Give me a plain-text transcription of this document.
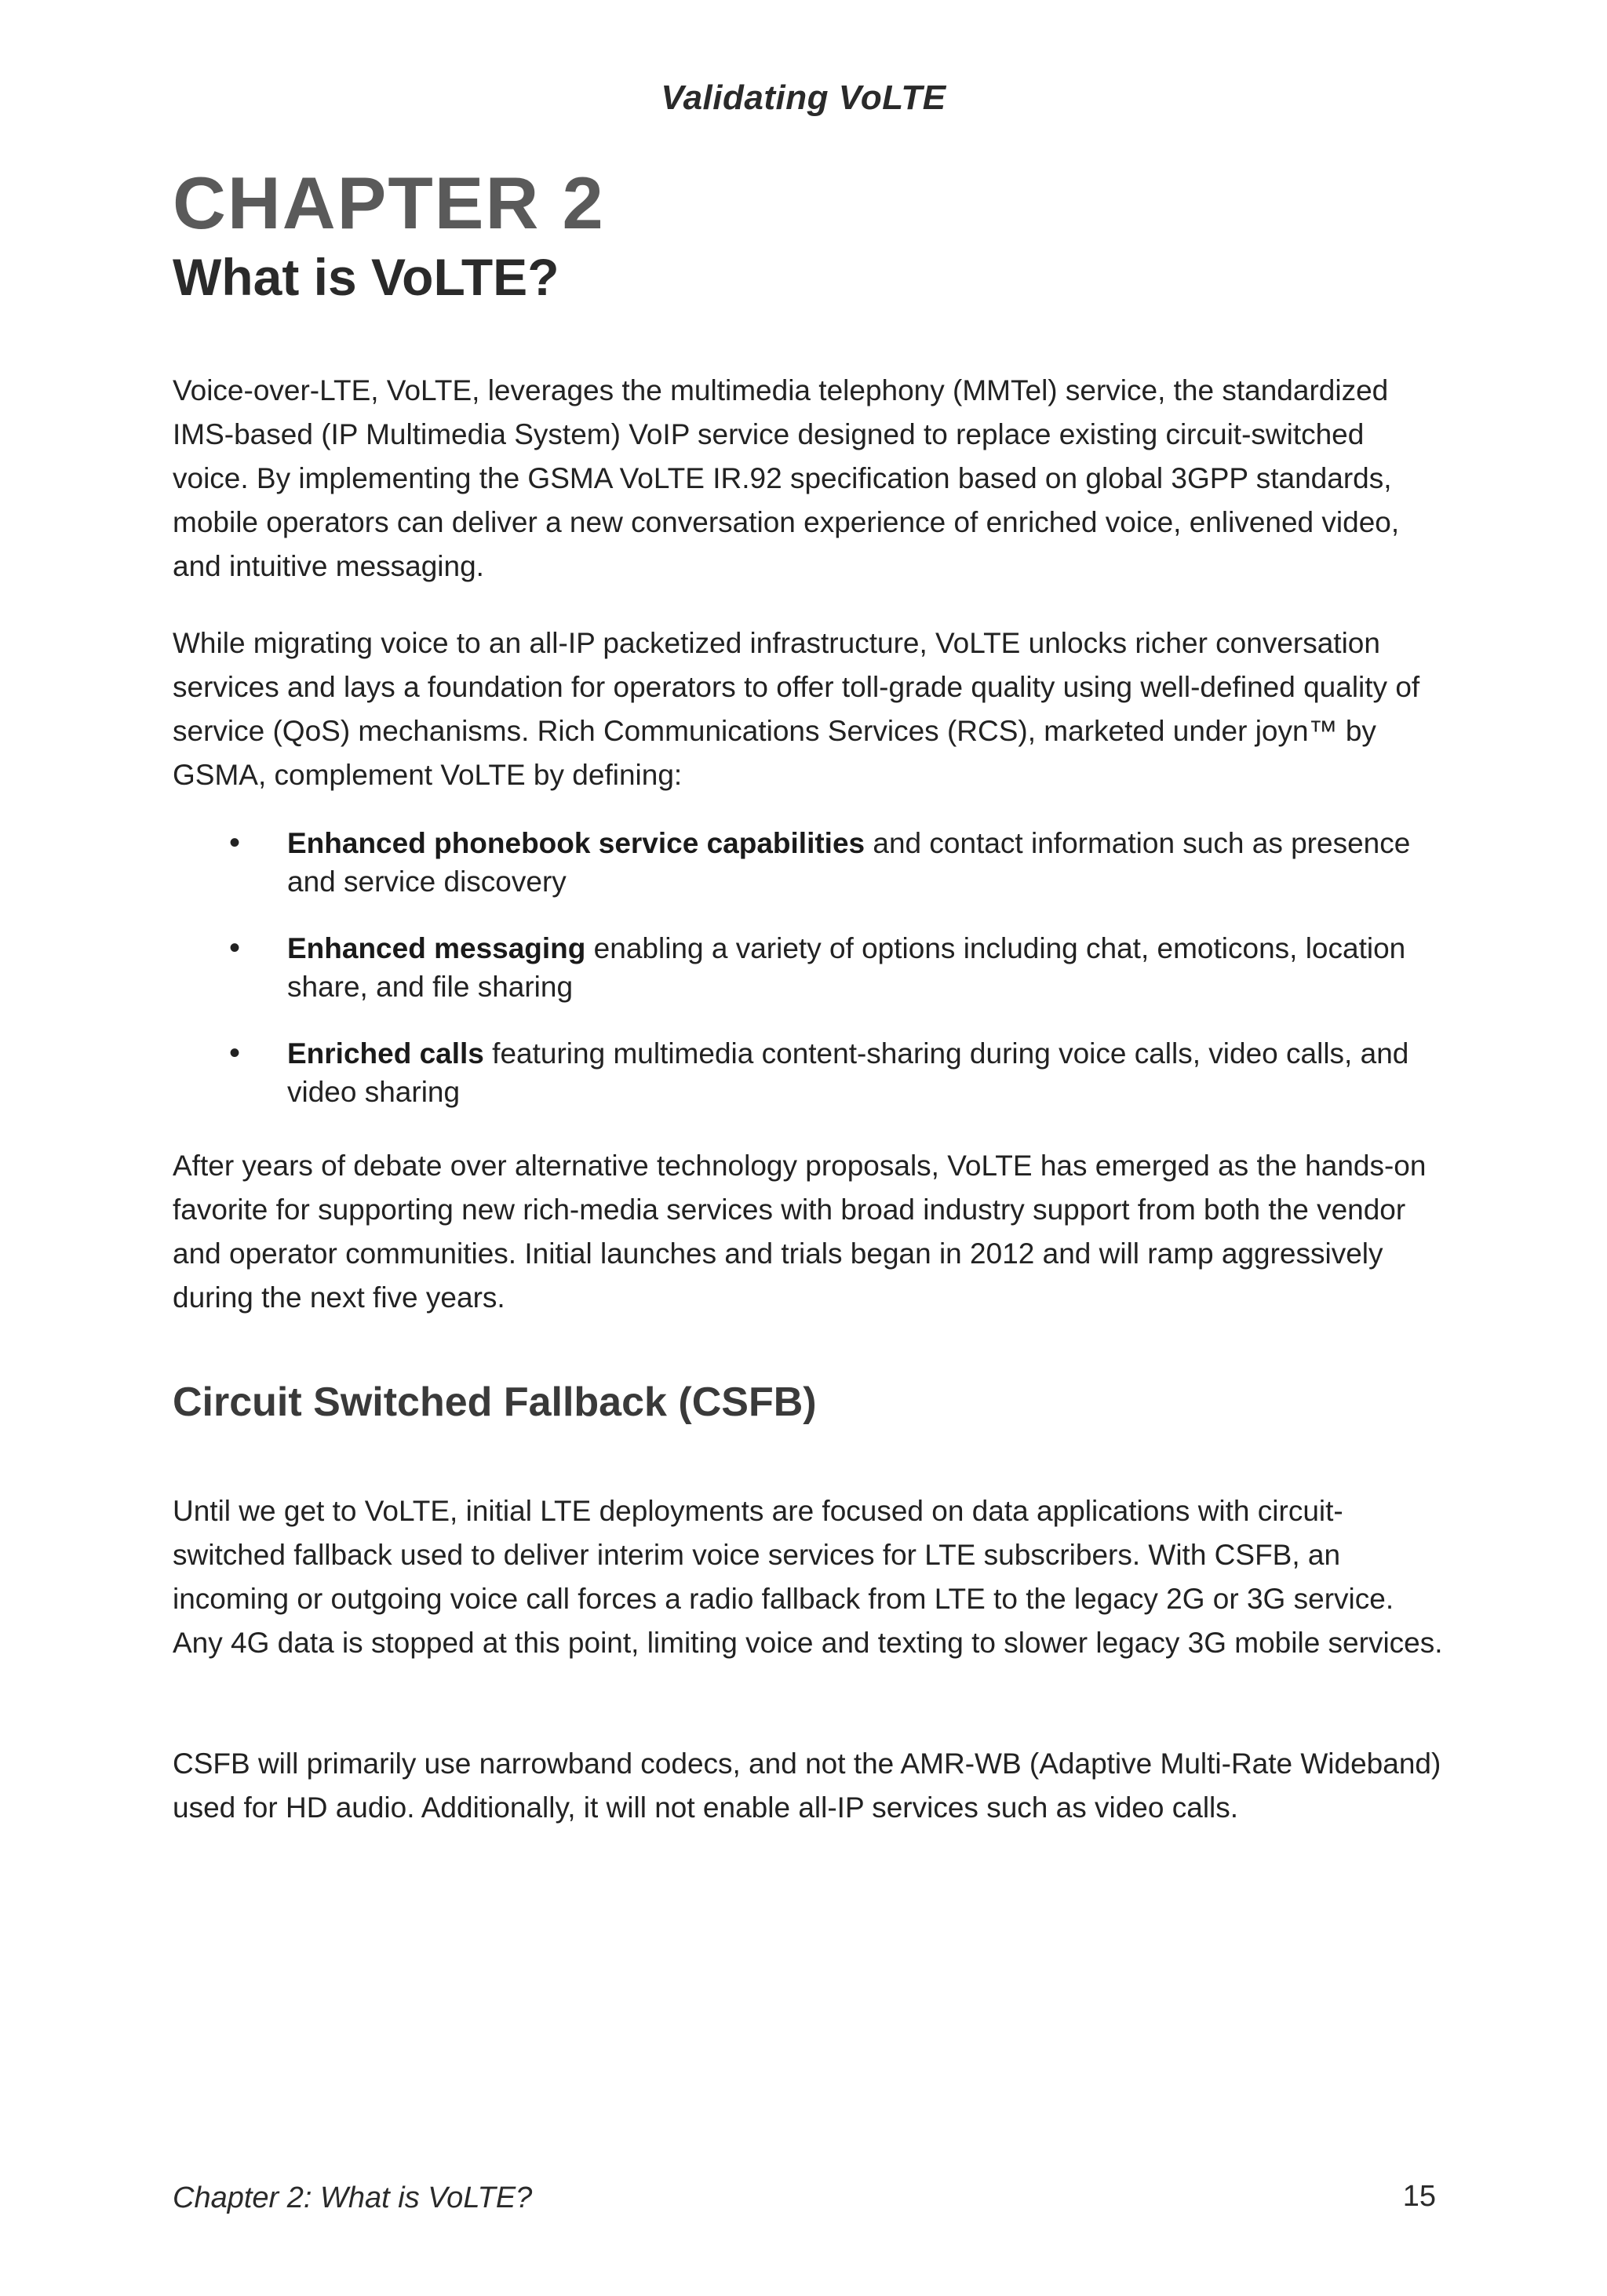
Validating VoLTE
CHAPTER 2
What is VoLTE?

Voice-over-LTE, VoLTE, leverages the multimedia telephony (MMTel) service, the standardized IMS-based (IP Multimedia System) VoIP service designed to replace existing circuit-switched voice. By implementing the GSMA VoLTE IR.92 specification based on global 3GPP standards, mobile operators can deliver a new conversation experience of enriched voice, enlivened video, and intuitive messaging.

While migrating voice to an all-IP packetized infrastructure, VoLTE unlocks richer conversation services and lays a foundation for operators to offer toll-grade quality using well-defined quality of service (QoS) mechanisms. Rich Communications Services (RCS), marketed under joyn™ by GSMA, complement VoLTE by defining:

• Enhanced phonebook service capabilities and contact information such as presence and service discovery
• Enhanced messaging enabling a variety of options including chat, emoticons, location share, and file sharing
• Enriched calls featuring multimedia content-sharing during voice calls, video calls, and video sharing

After years of debate over alternative technology proposals, VoLTE has emerged as the hands-on favorite for supporting new rich-media services with broad industry support from both the vendor and operator communities. Initial launches and trials began in 2012 and will ramp aggressively during the next five years.

Circuit Switched Fallback (CSFB)

Until we get to VoLTE, initial LTE deployments are focused on data applications with circuit-switched fallback used to deliver interim voice services for LTE subscribers. With CSFB, an incoming or outgoing voice call forces a radio fallback from LTE to the legacy 2G or 3G service. Any 4G data is stopped at this point, limiting voice and texting to slower legacy 3G mobile services.

CSFB will primarily use narrowband codecs, and not the AMR-WB (Adaptive Multi-Rate Wideband) used for HD audio. Additionally, it will not enable all-IP services such as video calls.

Chapter 2: What is VoLTE?	15
